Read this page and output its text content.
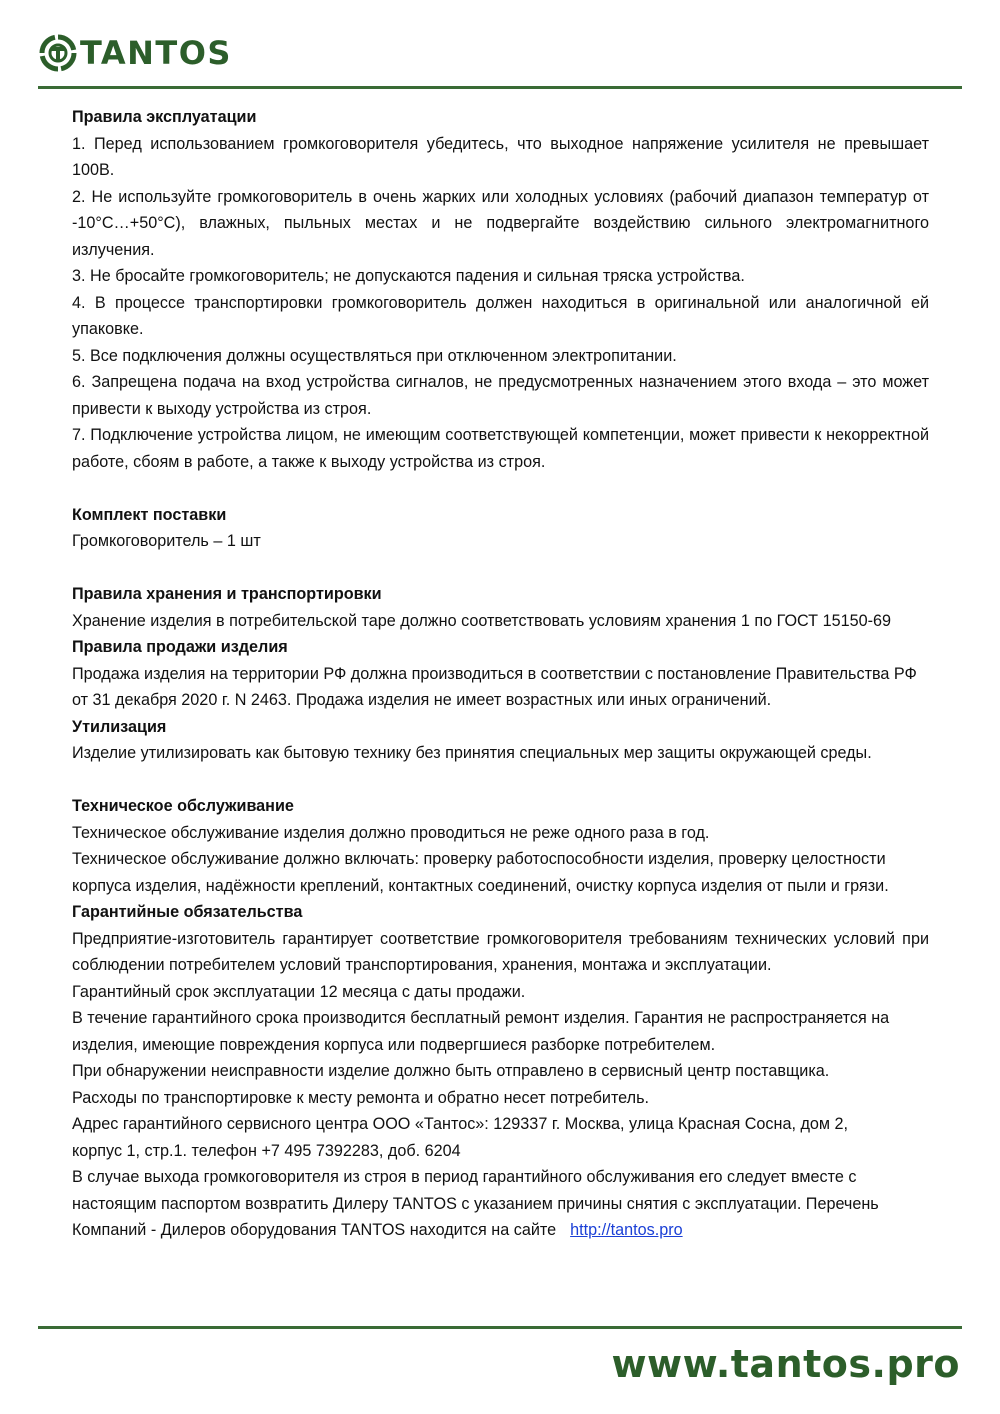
TANTOS

Правила эксплуатации

1. Перед использованием громкоговорителя убедитесь, что выходное напряжение усилителя не превышает 100В.

2. Не используйте громкоговоритель в очень жарких или холодных условиях (рабочий диапазон температур от -10°С…+50°С), влажных, пыльных местах и не подвергайте воздействию сильного электромагнитного излучения.

3. Не бросайте громкоговоритель; не допускаются падения и сильная тряска устройства.

4. В процессе транспортировки громкоговоритель должен находиться в оригинальной или аналогичной ей упаковке.

5. Все подключения должны осуществляться при отключенном электропитании.

6. Запрещена подача на вход устройства сигналов, не предусмотренных назначением этого входа – это может привести к выходу устройства из строя.

7. Подключение устройства лицом, не имеющим соответствующей компетенции, может привести к некорректной работе, сбоям в работе, а также к выходу устройства из строя.

Комплект поставки

Громкоговоритель – 1 шт

Правила хранения и транспортировки

Хранение изделия в потребительской таре должно соответствовать условиям хранения 1 по ГОСТ 15150-69

Правила продажи изделия

Продажа изделия на территории РФ должна производиться в соответствии с постановление Правительства РФ от 31 декабря 2020 г. N 2463. Продажа изделия не имеет возрастных или иных ограничений.

Утилизация

Изделие утилизировать как бытовую технику без принятия специальных мер защиты окружающей среды.

Техническое обслуживание

Техническое обслуживание изделия должно проводиться не реже одного раза в год.

Техническое обслуживание должно включать: проверку работоспособности изделия, проверку целостности корпуса изделия, надёжности креплений, контактных соединений, очистку корпуса изделия от пыли и грязи.

Гарантийные обязательства

Предприятие-изготовитель гарантирует соответствие громкоговорителя требованиям технических условий при соблюдении потребителем условий транспортирования, хранения, монтажа и эксплуатации.

Гарантийный срок эксплуатации 12 месяца с даты продажи.

В течение гарантийного срока производится бесплатный ремонт изделия. Гарантия не распространяется на изделия, имеющие повреждения корпуса или подвергшиеся разборке потребителем.

При обнаружении неисправности изделие должно быть отправлено в сервисный центр поставщика.

Расходы по транспортировке к месту ремонта и обратно несет потребитель.

Адрес гарантийного сервисного центра ООО «Тантос»: 129337 г. Москва, улица Красная Сосна, дом 2,

корпус 1, стр.1. телефон +7 495 7392283, доб. 6204

В случае выхода громкоговорителя из строя в период гарантийного обслуживания его следует вместе с настоящим паспортом возвратить Дилеру TANTOS с указанием причины снятия с эксплуатации. Перечень Компаний - Дилеров оборудования TANTOS находится на сайте http://tantos.pro

www.tantos.pro
